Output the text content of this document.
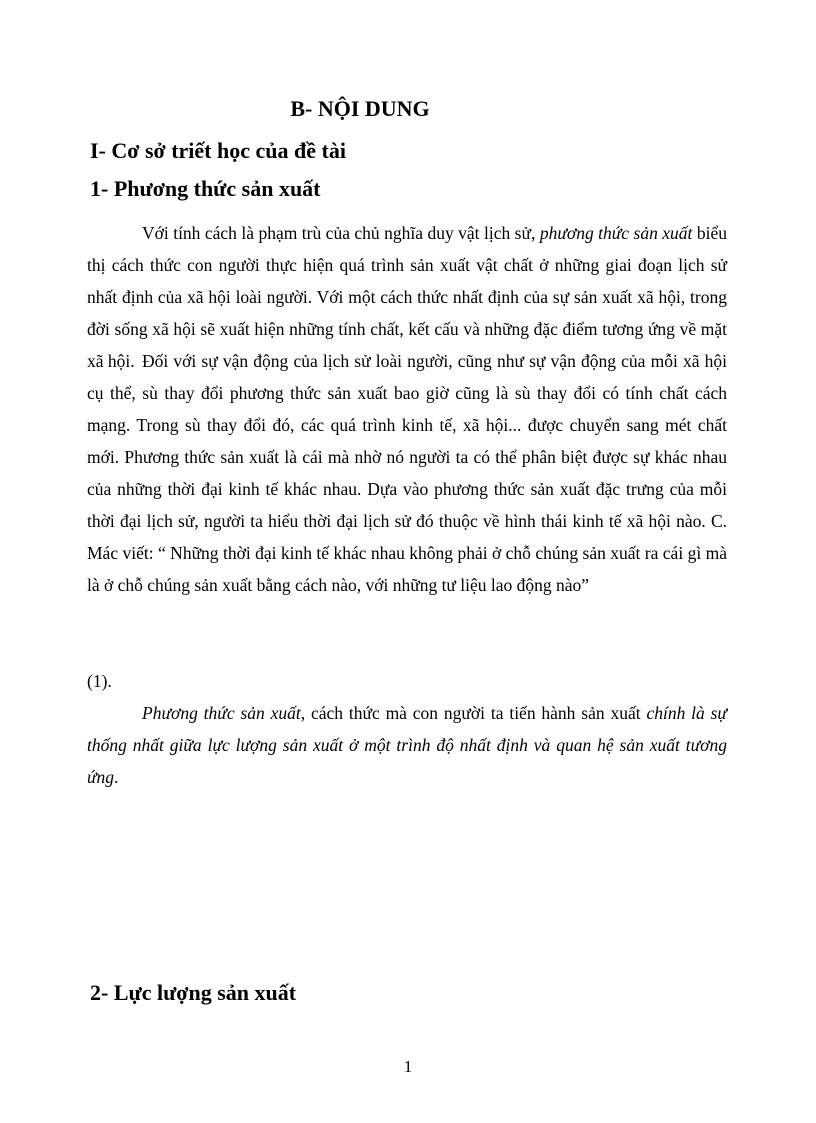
B- NỘI DUNG
I- Cơ sở triết học của đề tài
1- Phương thức sản xuất

Với tính cách là phạm trù của chủ nghĩa duy vật lịch sử, phương thức sản xuất biểu thị cách thức con người thực hiện quá trình sản xuất vật chất ở những giai đoạn lịch sử nhất định của xã hội loài người. Với một cách thức nhất định của sự sản xuất xã hội, trong đời sống xã hội sẽ xuất hiện những tính chất, kết cấu và những đặc điểm tương ứng về mặt xã hội. Đối với sự vận động của lịch sử loài người, cũng như sự vận động của mỗi xã hội cụ thể, sù thay đổi phương thức sản xuất bao giờ cũng là sù thay đổi có tính chất cách mạng. Trong sù thay đổi đó, các quá trình kinh tế, xã hội... được chuyển sang mét chất mới. Phương thức sản xuất là cái mà nhờ nó người ta có thể phân biệt được sự khác nhau của những thời đại kinh tế khác nhau. Dựa vào phương thức sản xuất đặc trưng của mỗi thời đại lịch sử, người ta hiểu thời đại lịch sử đó thuộc về hình thái kinh tế xã hội nào. C. Mác viết: “ Những thời đại kinh tế khác nhau không phải ở chỗ chúng sản xuất ra cái gì mà là ở chỗ chúng sản xuất bằng cách nào, với những tư liệu lao động nào”

(1).

Phương thức sản xuất, cách thức mà con người ta tiến hành sản xuất chính là sự thống nhất giữa lực lượng sản xuất ở một trình độ nhất định và quan hệ sản xuất tương ứng.

2- Lực lượng sản xuất

1
